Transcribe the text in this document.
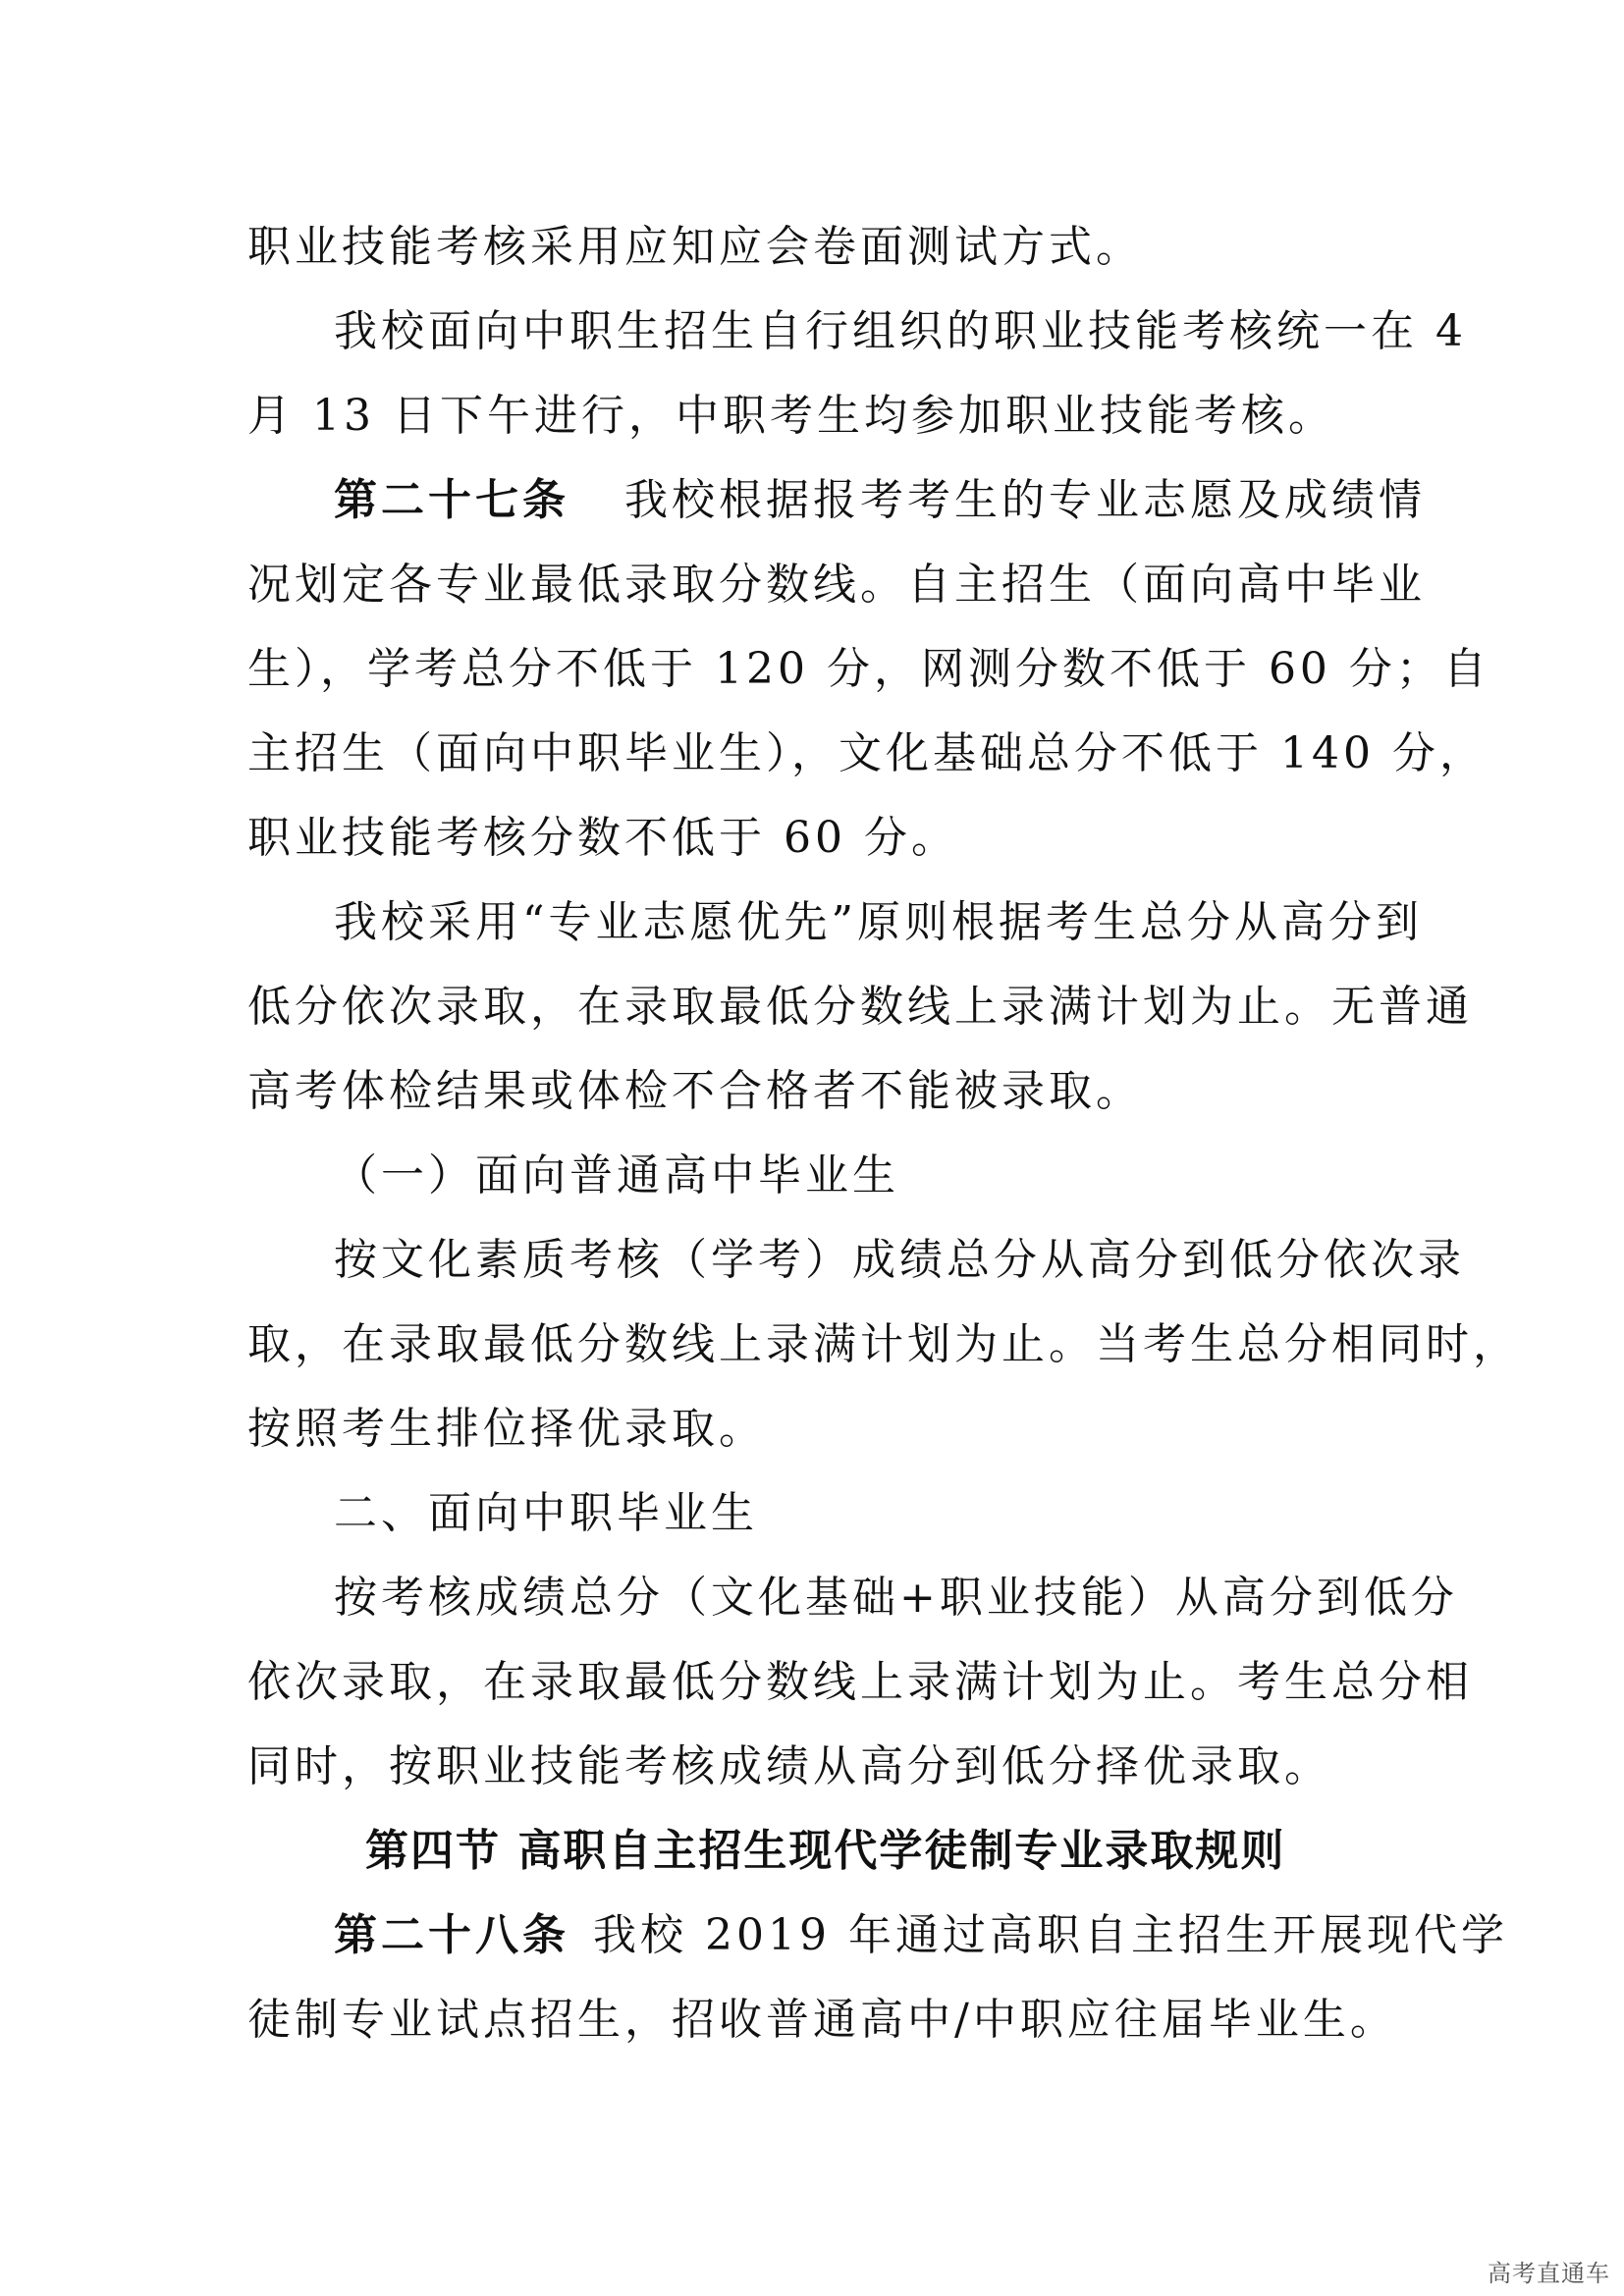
职业技能考核采用应知应会卷面测试方式。
我校面向中职生招生自行组织的职业技能考核统一在 4
月 13 日下午进行，中职考生均参加职业技能考核。
第二十七条 我校根据报考考生的专业志愿及成绩情
况划定各专业最低录取分数线。自主招生（面向高中毕业
生），学考总分不低于 120 分，网测分数不低于 60 分；自
主招生（面向中职毕业生），文化基础总分不低于 140 分，
职业技能考核分数不低于 60 分。
我校采用“专业志愿优先”原则根据考生总分从高分到
低分依次录取，在录取最低分数线上录满计划为止。无普通
高考体检结果或体检不合格者不能被录取。
（一）面向普通高中毕业生
按文化素质考核（学考）成绩总分从高分到低分依次录
取，在录取最低分数线上录满计划为止。当考生总分相同时，
按照考生排位择优录取。
二、面向中职毕业生
按考核成绩总分（文化基础+职业技能）从高分到低分
依次录取，在录取最低分数线上录满计划为止。考生总分相
同时，按职业技能考核成绩从高分到低分择优录取。
第四节 高职自主招生现代学徒制专业录取规则
第二十八条 我校 2019 年通过高职自主招生开展现代学
徒制专业试点招生，招收普通高中/中职应往届毕业生。
高考直通车
